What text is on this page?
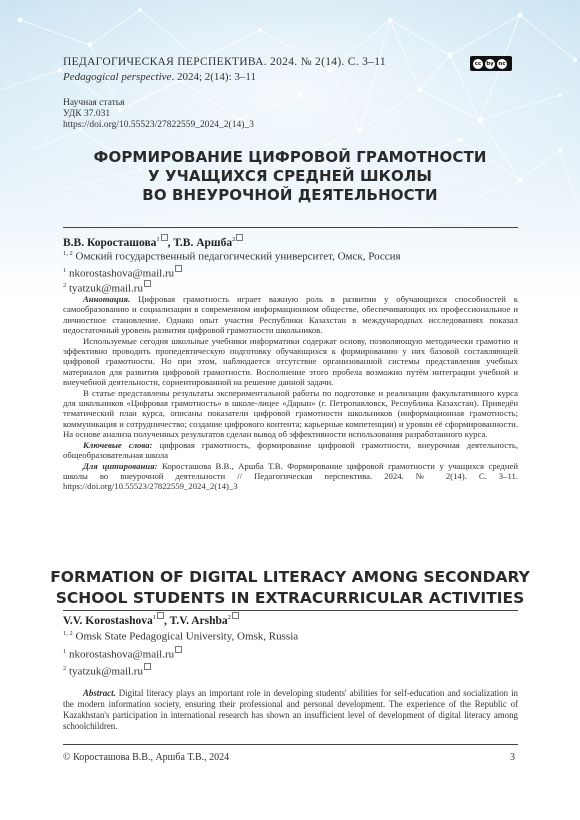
ПЕДАГОГИЧЕСКАЯ ПЕРСПЕКТИВА. 2024. № 2(14). С. 3–11
Pedagogical perspective. 2024; 2(14): 3–11
cc by nc
Научная статья
УДК 37.031
https://doi.org/10.55523/27822559_2024_2(14)_3
ФОРМИРОВАНИЕ ЦИФРОВОЙ ГРАМОТНОСТИ
У УЧАЩИХСЯ СРЕДНЕЙ ШКОЛЫ
ВО ВНЕУРОЧНОЙ ДЕЯТЕЛЬНОСТИ
В.В. Коросташова$^1$ , Т.В. Аршба$^2$
$^{1, 2}$ Омский государственный педагогический университет, Омск, Россия
$^1$ nkorostashova@mail.ru
$^2$ tyatzuk@mail.ru

Аннотация. Цифровая грамотность играет важную роль в развитии у обучающихся способностей к самообразованию и социализации в современном информационном обществе, обеспечивающих их профессиональное и личностное становление. Однако опыт участия Республики Казахстан в международных исследованиях показал недостаточный уровень развития цифровой грамотности школьников.

Используемые сегодня школьные учебники информатики содержат основу, позволяющую методически грамотно и эффективно проводить пропедевтическую подготовку обучающихся к формированию у них базовой составляющей цифровой грамотности. Но при этом, наблюдается отсутствие организованной системы представления учебных материалов для развития цифровой грамотности. Восполнение этого пробела возможно путём интеграции учебной и внеучебной деятельности, сориентированной на решение данной задачи.

В статье представлены результаты экспериментальной работы по подготовке и реализации факультативного курса для школьников «Цифровая грамотность» в школе-лицее «Дарын» (г. Петропавловск, Республика Казахстан). Приведён тематический план курса, описаны показатели цифровой грамотности школьников (информационная грамотность; коммуникация и сотрудничество; создание цифрового контента; карьерные компетенции) и уровни её сформированности. На основе анализа полученных результатов сделан вывод об эффективности использования разработанного курса.

Ключевые слова: цифровая грамотность, формирование цифровой грамотности, внеурочная деятельность, общеобразовательная школа

Для цитирования: Коросташова В.В., Аршба Т.В. Формирование цифровой грамотности у учащихся средней школы во внеурочной деятельности // Педагогическая перспектива. 2024. № 2(14). С. 3–11. https://doi.org/10.55523/27822559_2024_2(14)_3

FORMATION OF DIGITAL LITERACY AMONG SECONDARY
SCHOOL STUDENTS IN EXTRACURRICULAR ACTIVITIES
V.V. Korostashova$^1$ , T.V. Arshba$^2$
$^{1, 2}$ Omsk State Pedagogical University, Omsk, Russia
$^1$ nkorostashova@mail.ru
$^2$ tyatzuk@mail.ru

Abstract. Digital literacy plays an important role in developing students' abilities for self-education and socialization in the modern information society, ensuring their professional and personal development. The experience of the Republic of Kazakhstan's participation in international research has shown an insufficient level of development of digital literacy among schoolchildren.

© Коросташова В.В., Аршба Т.В., 2024	3
